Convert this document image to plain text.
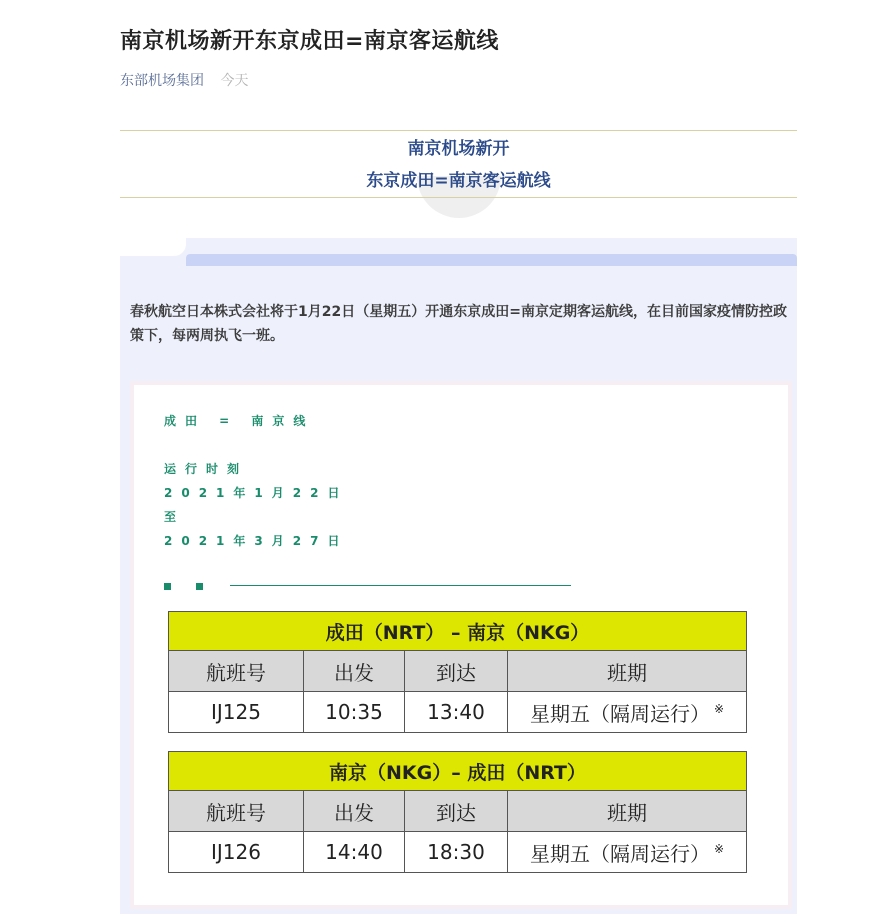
南京机场新开东京成田=南京客运航线
东部机场集团 今天
南京机场新开
东京成田=南京客运航线
春秋航空日本株式会社将于1月22日（星期五）开通东京成田=南京定期客运航线，在目前国家疫情防控政策下，每两周执飞一班。
成田 = 南京线
运行时刻
2021年1月22日
至
2021年3月27日
成田（NRT） – 南京（NKG）			
航班号	出发	到达	班期
IJ125	10:35	13:40	星期五（隔周运行） ※
南京（NKG）– 成田（NRT）			
航班号	出发	到达	班期
IJ126	14:40	18:30	星期五（隔周运行） ※
